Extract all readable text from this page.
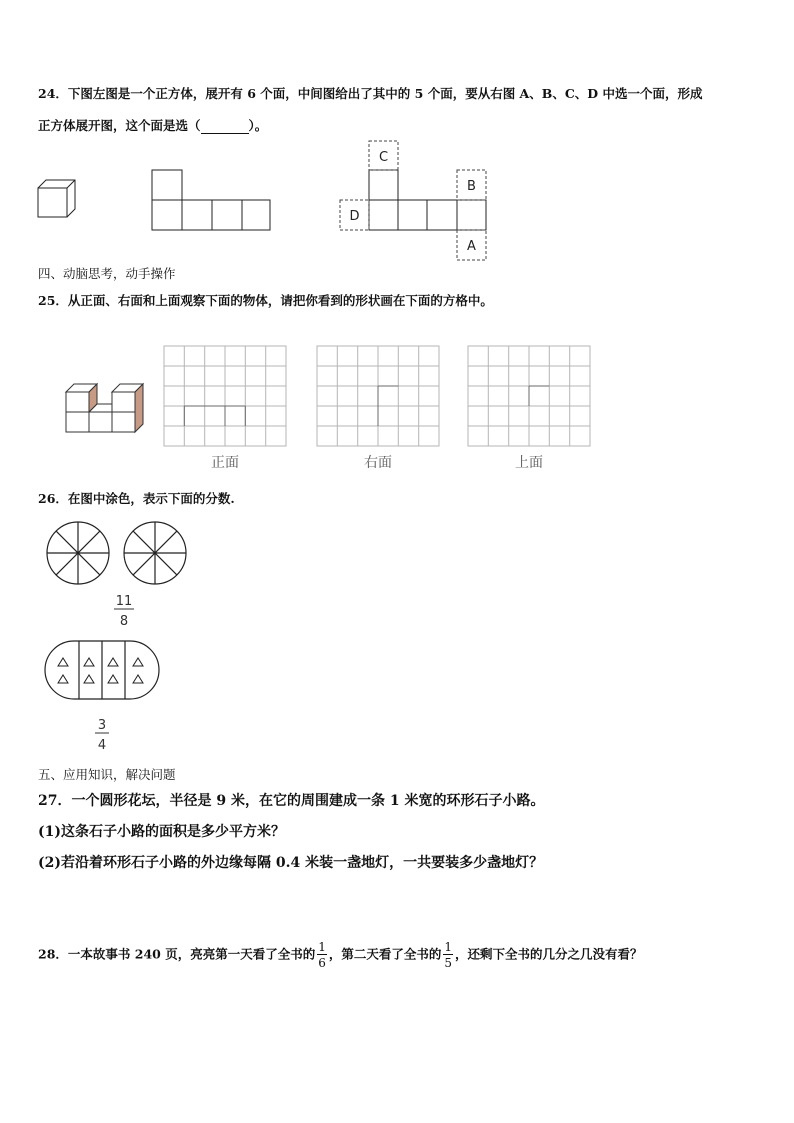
24．下图左图是一个正方体，展开有 6 个面，中间图给出了其中的 5 个面，要从右图 A、B、C、D 中选一个面，形成
正方体展开图，这个面是选（	）。
C
B
D
A
四、动脑思考，动手操作
25．从正面、右面和上面观察下面的物体，请把你看到的形状画在下面的方格中。
正面	右面	上面
26．在图中涂色，表示下面的分数.
11
8
3
4
五、应用知识，解决问题
27．一个圆形花坛，半径是 9 米，在它的周围建成一条 1 米宽的环形石子小路。
(1)这条石子小路的面积是多少平方米？
(2)若沿着环形石子小路的外边缘每隔 0.4 米装一盏地灯，一共要装多少盏地灯？
28．一本故事书 240 页，亮亮第一天看了全书的 $\frac{1}{6}$ ，第二天看了全书的 $\frac{1}{5}$ ，还剩下全书的几分之几没有看？
